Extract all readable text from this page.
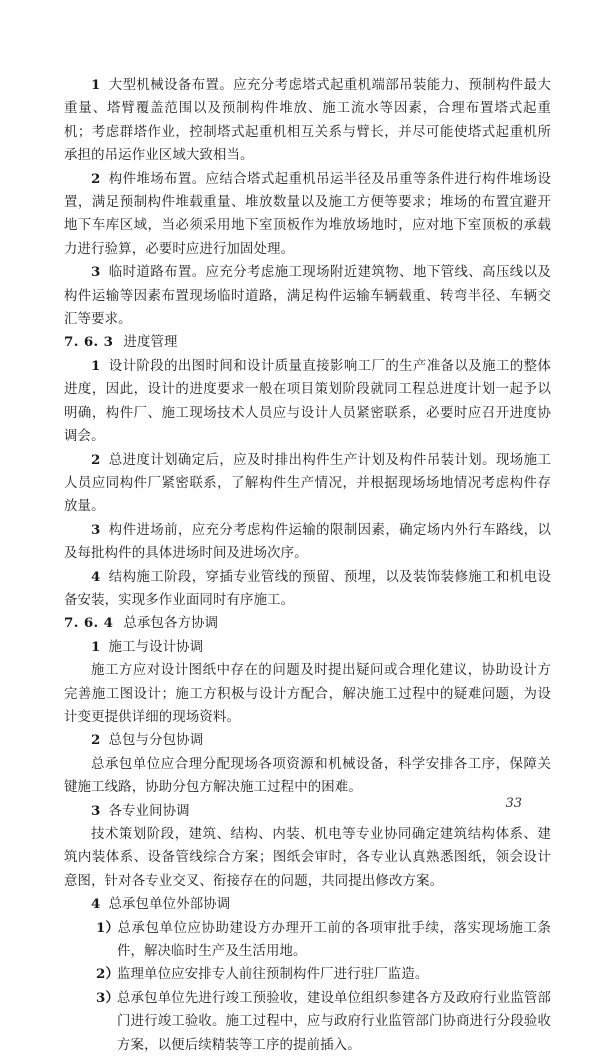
1 大型机械设备布置。应充分考虑塔式起重机端部吊装能力、预制构件最大重量、塔臂覆盖范围以及预制构件堆放、施工流水等因素，合理布置塔式起重机；考虑群塔作业，控制塔式起重机相互关系与臂长，并尽可能使塔式起重机所承担的吊运作业区域大致相当。

2 构件堆场布置。应结合塔式起重机吊运半径及吊重等条件进行构件堆场设置，满足预制构件堆载重量、堆放数量以及施工方便等要求；堆场的布置宜避开地下车库区域，当必须采用地下室顶板作为堆放场地时，应对地下室顶板的承载力进行验算，必要时应进行加固处理。

3 临时道路布置。应充分考虑施工现场附近建筑物、地下管线、高压线以及构件运输等因素布置现场临时道路，满足构件运输车辆载重、转弯半径、车辆交汇等要求。

7. 6. 3 进度管理

1 设计阶段的出图时间和设计质量直接影响工厂的生产准备以及施工的整体进度，因此，设计的进度要求一般在项目策划阶段就同工程总进度计划一起予以明确，构件厂、施工现场技术人员应与设计人员紧密联系，必要时应召开进度协调会。

2 总进度计划确定后，应及时排出构件生产计划及构件吊装计划。现场施工人员应同构件厂紧密联系，了解构件生产情况，并根据现场场地情况考虑构件存放量。

3 构件进场前，应充分考虑构件运输的限制因素，确定场内外行车路线，以及每批构件的具体进场时间及进场次序。

4 结构施工阶段，穿插专业管线的预留、预埋，以及装饰装修施工和机电设备安装，实现多作业面同时有序施工。

7. 6. 4 总承包各方协调

1 施工与设计协调

施工方应对设计图纸中存在的问题及时提出疑问或合理化建议，协助设计方完善施工图设计；施工方积极与设计方配合，解决施工过程中的疑难问题，为设计变更提供详细的现场资料。

2 总包与分包协调

总承包单位应合理分配现场各项资源和机械设备，科学安排各工序，保障关键施工线路，协助分包方解决施工过程中的困难。

3 各专业间协调

技术策划阶段，建筑、结构、内装、机电等专业协同确定建筑结构体系、建筑内装体系、设备管线综合方案；图纸会审时，各专业认真熟悉图纸，领会设计意图，针对各专业交叉、衔接存在的问题，共同提出修改方案。

4 总承包单位外部协调

1）总承包单位应协助建设方办理开工前的各项审批手续，落实现场施工条件，解决临时生产及生活用地。

2）监理单位应安排专人前往预制构件厂进行驻厂监造。

3）总承包单位先进行竣工预验收，建设单位组织参建各方及政府行业监管部门进行竣工验收。施工过程中，应与政府行业监管部门协商进行分段验收方案，以便后续精装等工序的提前插入。

33
